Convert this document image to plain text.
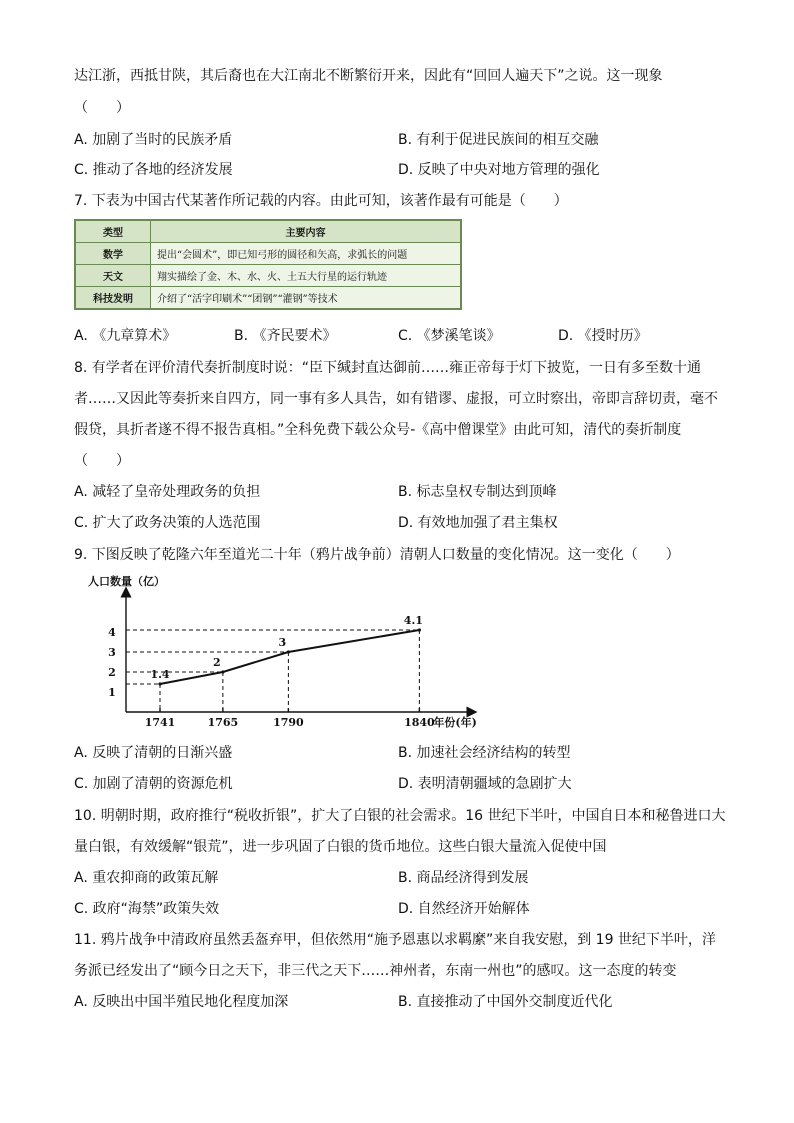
达江浙，西抵甘陕，其后裔也在大江南北不断繁衍开来，因此有“回回人遍天下”之说。这一现象
（　　）
A. 加剧了当时的民族矛盾	B. 有利于促进民族间的相互交融
C. 推动了各地的经济发展	D. 反映了中央对地方管理的强化
7. 下表为中国古代某著作所记载的内容。由此可知，该著作最有可能是（　　）
类型	主要内容
数学	提出“会圆术”，即已知弓形的圆径和矢高，求弧长的问题
天文	翔实描绘了金、木、水、火、土五大行星的运行轨迹
科技发明	介绍了“活字印刷术”“团钢”“灌钢”等技术
A. 《九章算术》	B. 《齐民要术》	C. 《梦溪笔谈》	D. 《授时历》
8. 有学者在评价清代奏折制度时说：“臣下缄封直达御前……雍正帝每于灯下披览，一日有多至数十通
者……又因此等奏折来自四方，同一事有多人具告，如有错谬、虚报，可立时察出，帝即言辞切责，毫不
假贷，具折者遂不得不报告真相。”全科免费下载公众号-《高中僧课堂》由此可知，清代的奏折制度
（　　）
A. 减轻了皇帝处理政务的负担	B. 标志皇权专制达到顶峰
C. 扩大了政务决策的人选范围	D. 有效地加强了君主集权
9. 下图反映了乾隆六年至道光二十年（鸦片战争前）清朝人口数量的变化情况。这一变化（　　）
人口数量（亿）
1
2
3
4
1741
1.4
1765
2
1790
3
1840
4.1
年份(年)
A. 反映了清朝的日渐兴盛	B. 加速社会经济结构的转型
C. 加剧了清朝的资源危机	D. 表明清朝疆域的急剧扩大
10. 明朝时期，政府推行“税收折银”，扩大了白银的社会需求。16 世纪下半叶，中国自日本和秘鲁进口大
量白银，有效缓解“银荒”，进一步巩固了白银的货币地位。这些白银大量流入促使中国
A. 重农抑商的政策瓦解	B. 商品经济得到发展
C. 政府“海禁”政策失效	D. 自然经济开始解体
11. 鸦片战争中清政府虽然丢盔弃甲，但依然用“施予恩惠以求羁縻”来自我安慰，到 19 世纪下半叶，洋
务派已经发出了“顾今日之天下，非三代之天下……神州者，东南一州也”的感叹。这一态度的转变
A. 反映出中国半殖民地化程度加深	B. 直接推动了中国外交制度近代化
